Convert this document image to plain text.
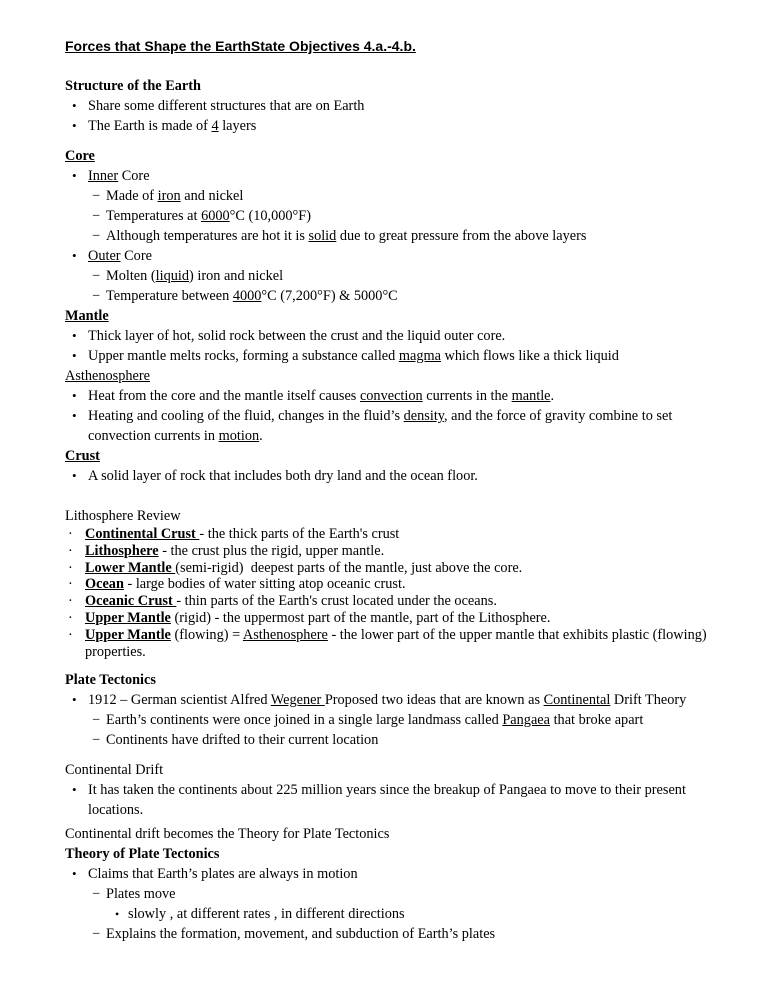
Forces that Shape the EarthState Objectives 4.a.-4.b.
Structure of the Earth
• Share some different structures that are on Earth
• The Earth is made of 4 layers
Core
• Inner Core
− Made of iron and nickel
− Temperatures at 6000°C (10,000°F)
− Although temperatures are hot it is solid due to great pressure from the above layers
• Outer Core
− Molten (liquid) iron and nickel
− Temperature between 4000°C (7,200°F) & 5000°C
Mantle
• Thick layer of hot, solid rock between the crust and the liquid outer core.
• Upper mantle melts rocks, forming a substance called magma which flows like a thick liquid
Asthenosphere
• Heat from the core and the mantle itself causes convection currents in the mantle.
• Heating and cooling of the fluid, changes in the fluid’s density, and the force of gravity combine to set convection currents in motion.
Crust
• A solid layer of rock that includes both dry land and the ocean floor.
Lithosphere Review
· Continental Crust - the thick parts of the Earth's crust
· Lithosphere - the crust plus the rigid, upper mantle.
· Lower Mantle (semi-rigid)  deepest parts of the mantle, just above the core.
· Ocean - large bodies of water sitting atop oceanic crust.
· Oceanic Crust - thin parts of the Earth's crust located under the oceans.
· Upper Mantle (rigid) - the uppermost part of the mantle, part of the Lithosphere.
· Upper Mantle (flowing) = Asthenosphere - the lower part of the upper mantle that exhibits plastic (flowing) properties.
Plate Tectonics
• 1912 – German scientist Alfred Wegener Proposed two ideas that are known as Continental Drift Theory
− Earth’s continents were once joined in a single large landmass called Pangaea that broke apart
− Continents have drifted to their current location
Continental Drift
• It has taken the continents about 225 million years since the breakup of Pangaea to move to their present locations.
Continental drift becomes the Theory for Plate Tectonics
Theory of Plate Tectonics
• Claims that Earth’s plates are always in motion
− Plates move
• slowly , at different rates , in different directions
− Explains the formation, movement, and subduction of Earth’s plates
